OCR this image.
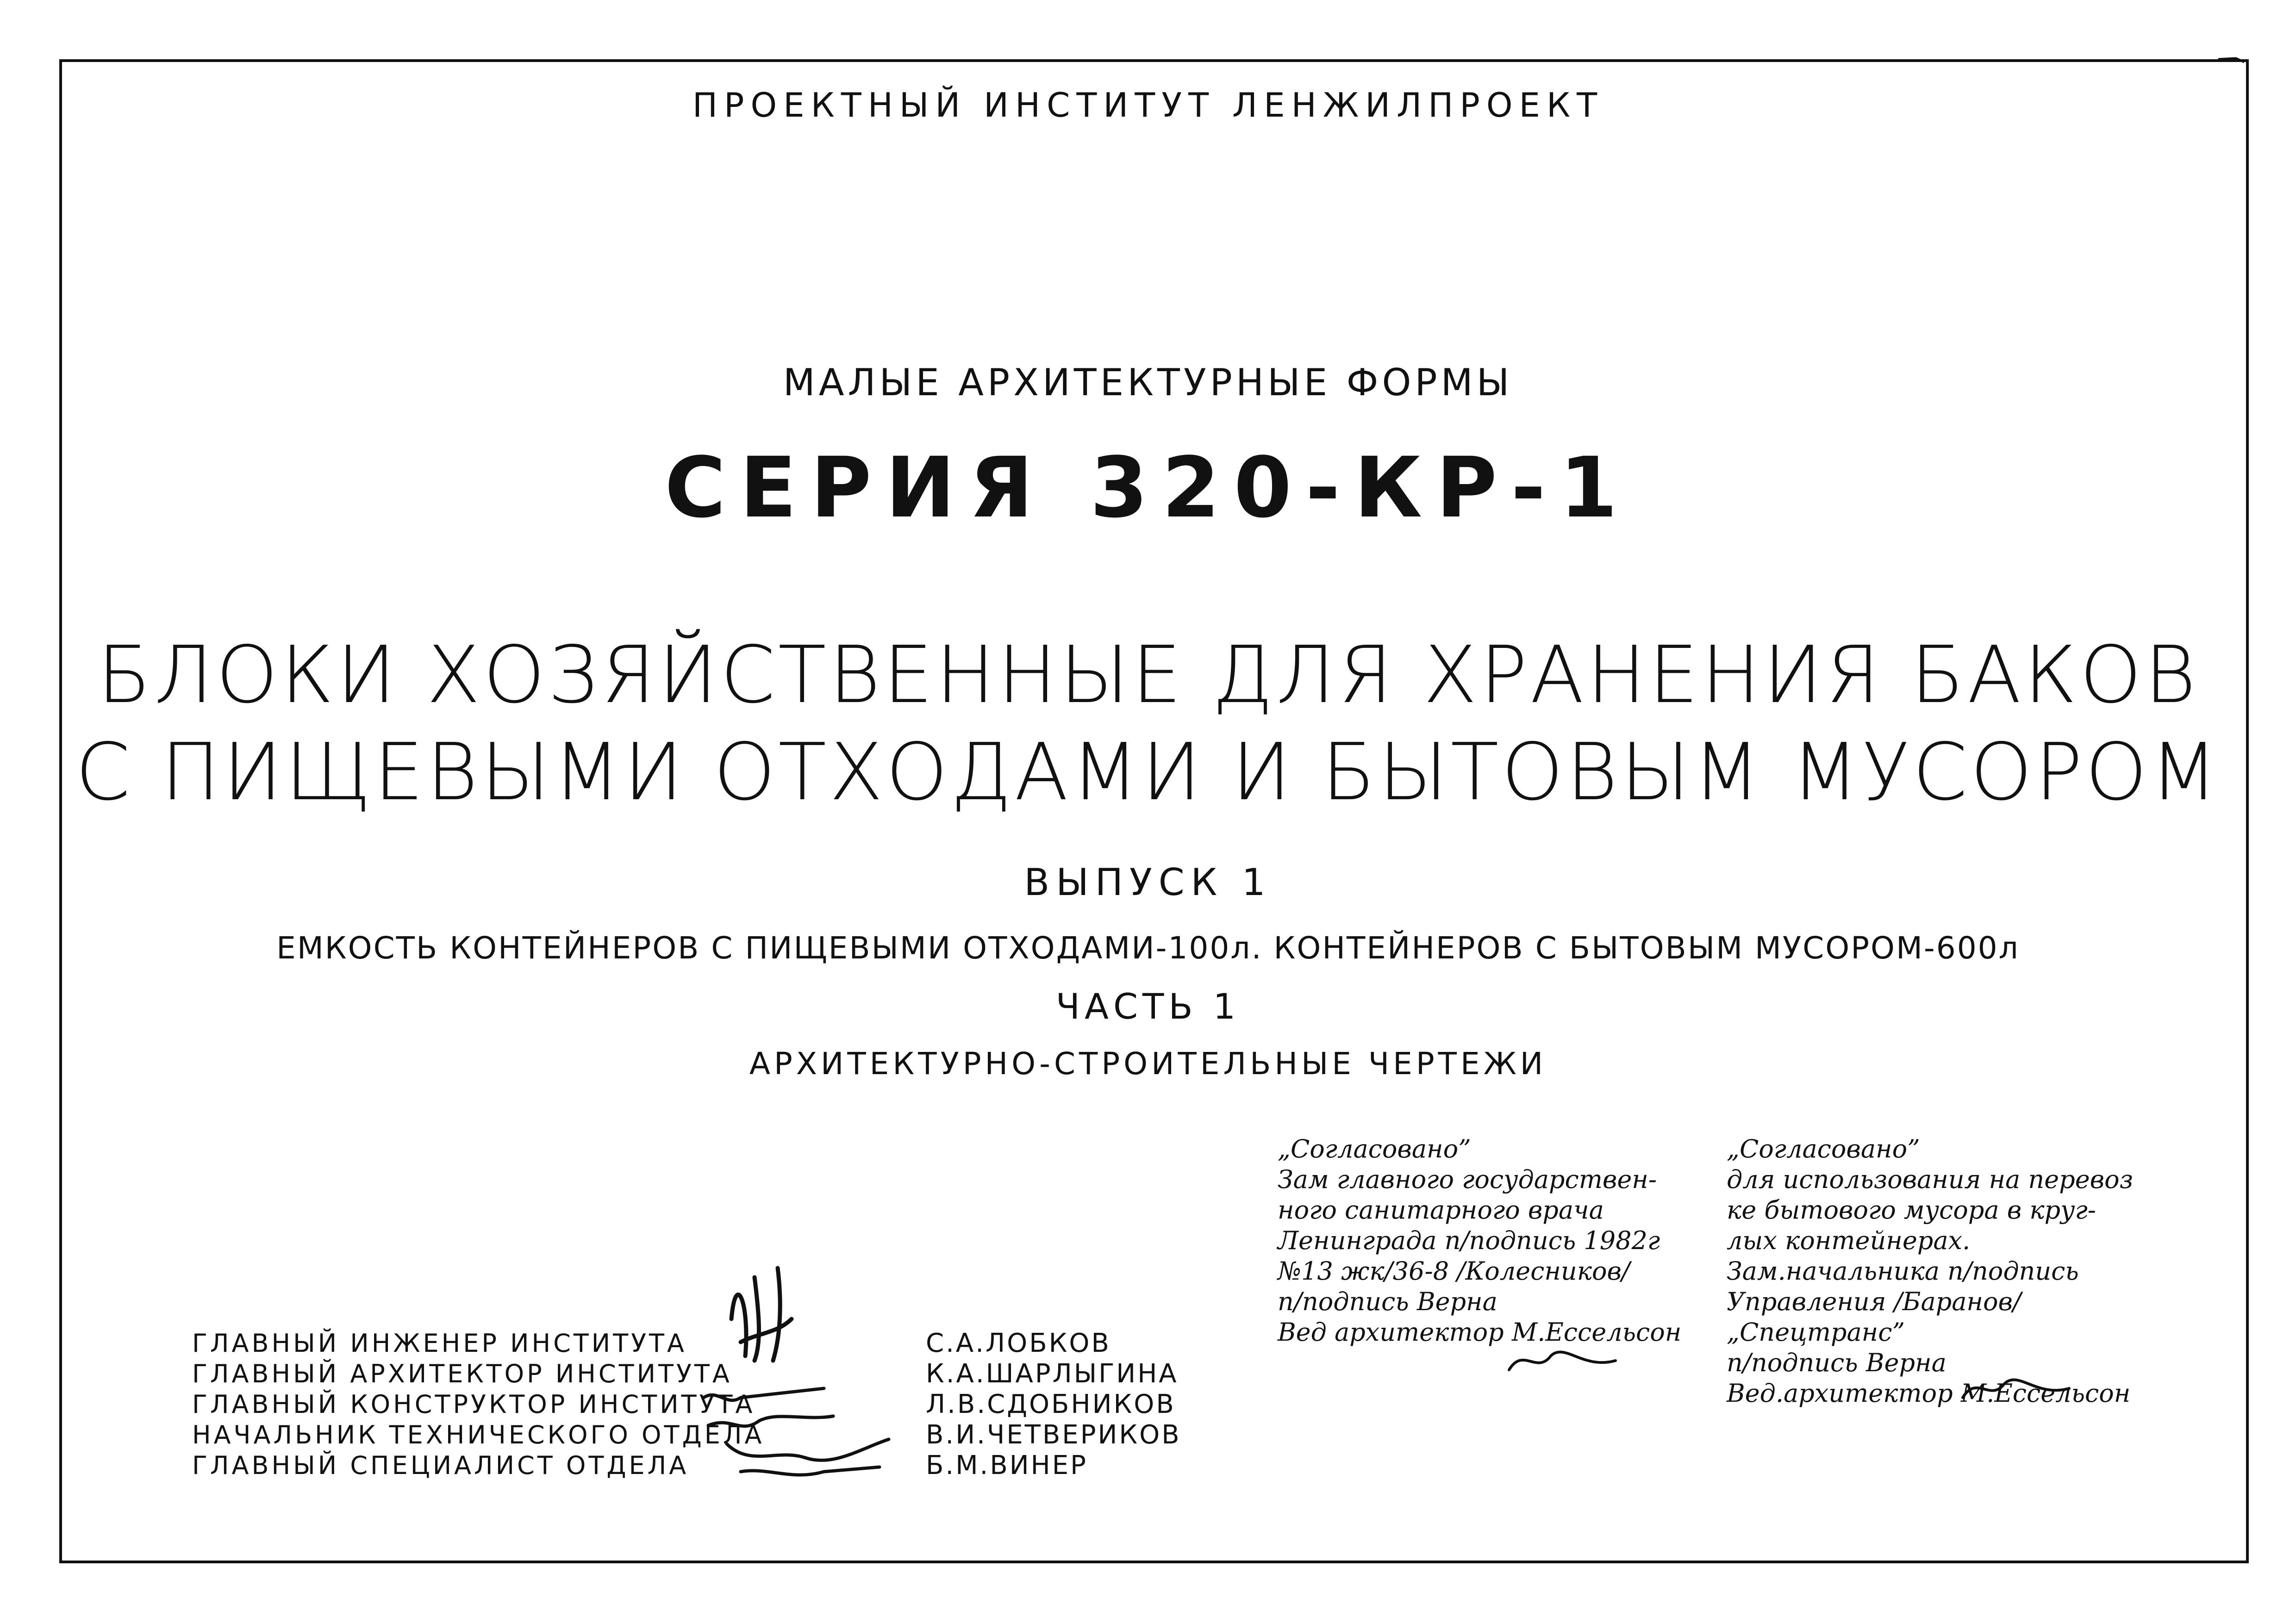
ПРОЕКТНЫЙ ИНСТИТУТ ЛЕНЖИЛПРОЕКТ
МАЛЫЕ АРХИТЕКТУРНЫЕ ФОРМЫ
СЕРИЯ 320-КР-1
БЛОКИ ХОЗЯЙСТВЕННЫЕ ДЛЯ ХРАНЕНИЯ БАКОВ
С ПИЩЕВЫМИ ОТХОДАМИ И БЫТОВЫМ МУСОРОМ
ВЫПУСК 1
ЕМКОСТЬ КОНТЕЙНЕРОВ С ПИЩЕВЫМИ ОТХОДАМИ-100л. КОНТЕЙНЕРОВ С БЫТОВЫМ МУСОРОМ-600л
ЧАСТЬ 1
АРХИТЕКТУРНО-СТРОИТЕЛЬНЫЕ ЧЕРТЕЖИ
„Согласовано”
Зам главного государствен-
ного санитарного врача
Ленинграда п/подпись 1982г
№13 жк/36-8 /Колесников/
п/подпись Верна
Вед архитектор М.Ессельсон
„Согласовано”
для использования на перевоз
ке бытового мусора в круг-
лых контейнерах.
Зам.начальника п/подпись
Управления /Баранов/
„Спецтранс”
п/подпись Верна
Вед.архитектор М.Ессельсон
ГЛАВНЫЙ ИНЖЕНЕР ИНСТИТУТА
ГЛАВНЫЙ АРХИТЕКТОР ИНСТИТУТА
ГЛАВНЫЙ КОНСТРУКТОР ИНСТИТУТА
НАЧАЛЬНИК ТЕХНИЧЕСКОГО ОТДЕЛА
ГЛАВНЫЙ СПЕЦИАЛИСТ ОТДЕЛА
С.А.ЛОБКОВ
К.А.ШАРЛЫГИНА
Л.В.СДОБНИКОВ
В.И.ЧЕТВЕРИКОВ
Б.М.ВИНЕР
